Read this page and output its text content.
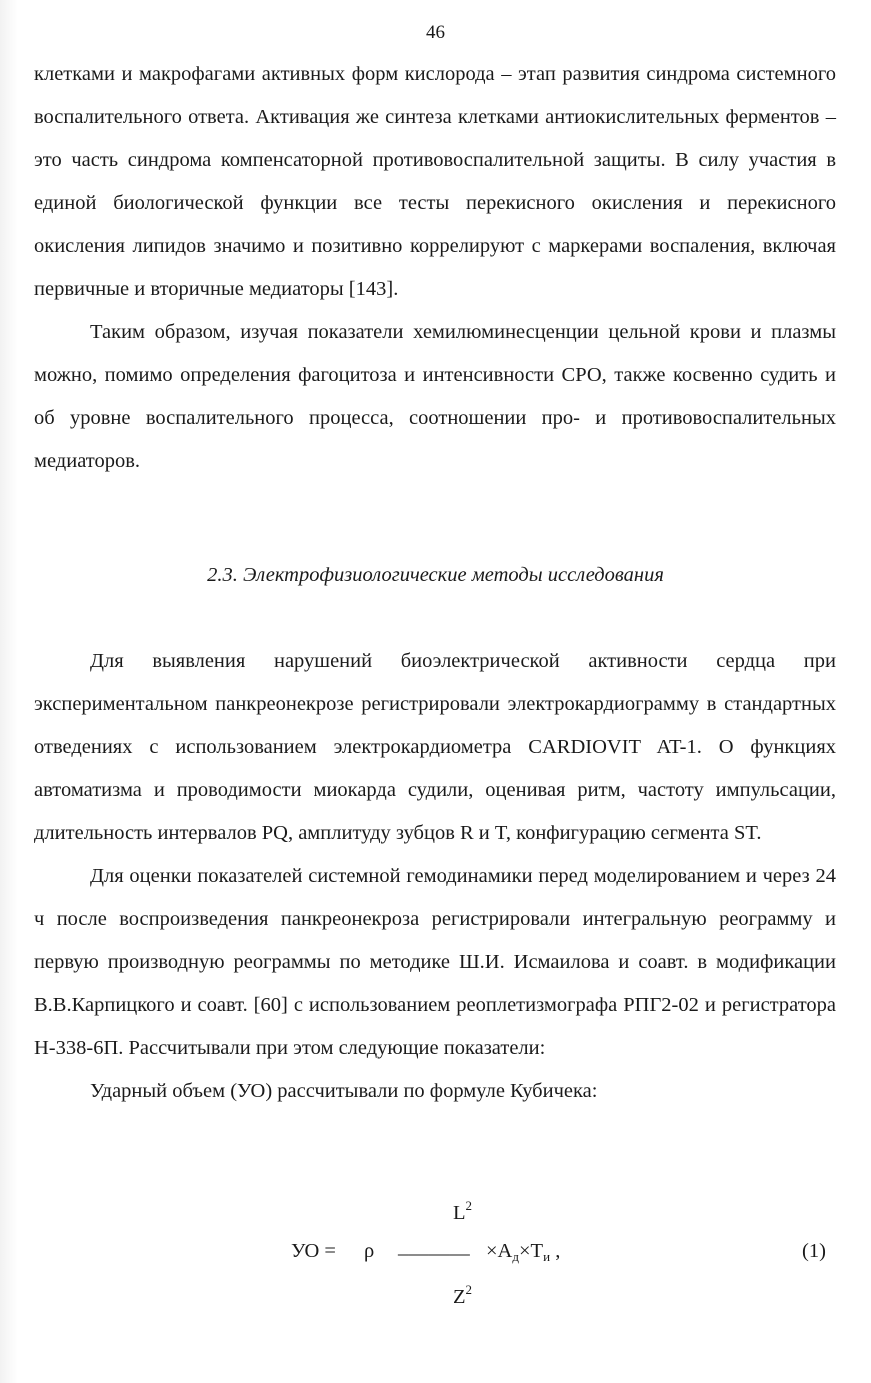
46

клетками и макрофагами активных форм кислорода – этап развития синдрома системного воспалительного ответа. Активация же синтеза клетками антиокислительных ферментов – это часть синдрома компенсаторной противовоспалительной защиты. В силу участия в единой биологической функции все тесты перекисного окисления и перекисного окисления липидов значимо и позитивно коррелируют с маркерами воспаления, включая первичные и вторичные медиаторы [143].

Таким образом, изучая показатели хемилюминесценции цельной крови и плазмы можно, помимо определения фагоцитоза и интенсивности СРО, также косвенно судить и об уровне воспалительного процесса, соотношении про- и противовоспалительных медиаторов.

2.3. Электрофизиологические методы исследования

Для выявления нарушений биоэлектрической активности сердца при экспериментальном панкреонекрозе регистрировали электрокардиограмму в стандартных отведениях с использованием электрокардиометра CARDIOVIT AT-1. О функциях автоматизма и проводимости миокарда судили, оценивая ритм, частоту импульсации, длительность интервалов PQ, амплитуду зубцов R и T, конфигурацию сегмента ST.

Для оценки показателей системной гемодинамики перед моделированием и через 24 ч после воспроизведения панкреонекроза регистрировали интегральную реограмму и первую производную реограммы по методике Ш.И. Исмаилова и соавт. в модификации В.В.Карпицкого и соавт. [60] с использованием реоплетизмографа РПГ2-02 и регистратора Н-338-6П. Рассчитывали при этом следующие показатели:

Ударный объем (УО) рассчитывали по формуле Кубичека:

$L^2$
УО = ρ _______ ×Aд×Tи ,	(1)
$Z^2$
